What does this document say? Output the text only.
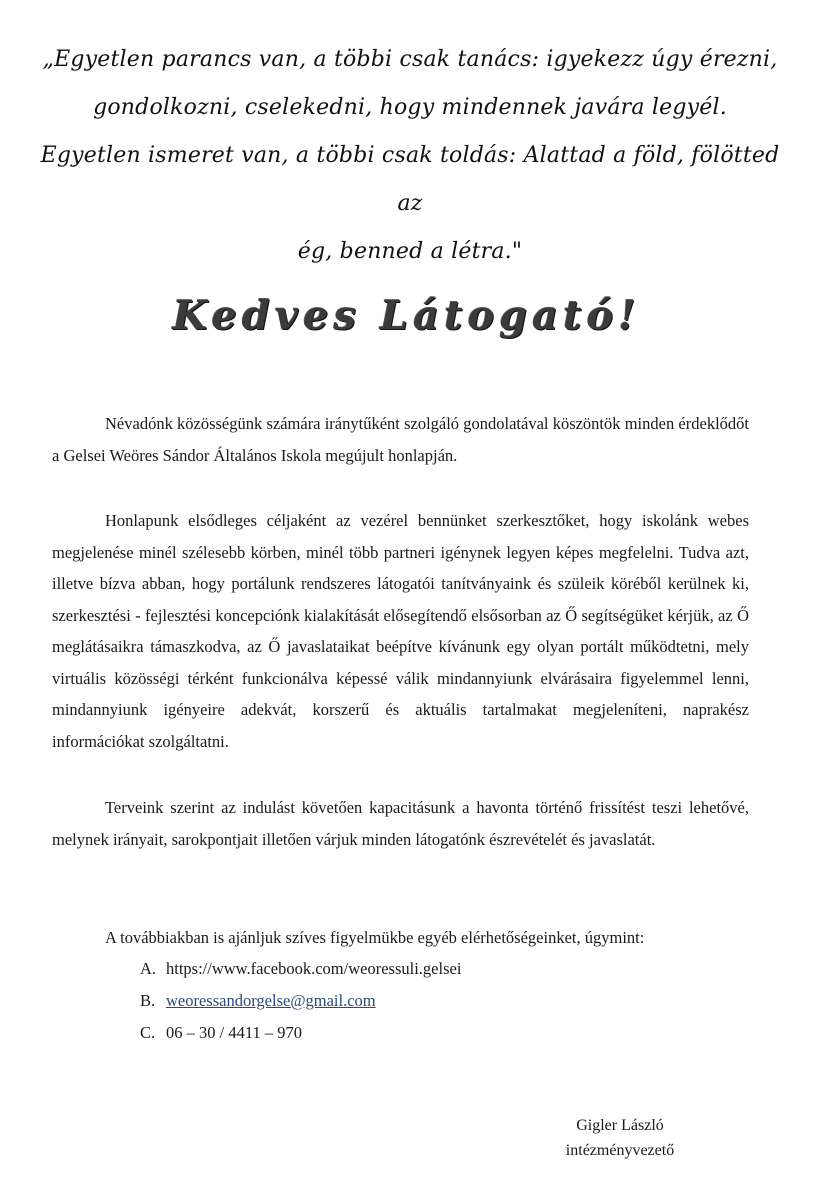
„Egyetlen parancs van, a többi csak tanács: igyekezz úgy érezni,
gondolkozni, cselekedni, hogy mindennek javára legyél.
Egyetlen ismeret van, a többi csak toldás: Alattad a föld, fölötted az
ég, benned a létra."
Kedves Látogató!

Névadónk közösségünk számára iránytűként szolgáló gondolatával köszöntök minden érdeklődőt a Gelsei Weöres Sándor Általános Iskola megújult honlapján.

Honlapunk elsődleges céljaként az vezérel bennünket szerkesztőket, hogy iskolánk webes megjelenése minél szélesebb körben, minél több partneri igénynek legyen képes megfelelni. Tudva azt, illetve bízva abban, hogy portálunk rendszeres látogatói tanítványaink és szüleik köréből kerülnek ki, szerkesztési - fejlesztési koncepciónk kialakítását elősegítendő elsősorban az Ő segítségüket kérjük, az Ő meglátásaikra támaszkodva, az Ő javaslataikat beépítve kívánunk egy olyan portált működtetni, mely virtuális közösségi térként funkcionálva képessé válik mindannyiunk elvárásaira figyelemmel lenni, mindannyiunk igényeire adekvát, korszerű és aktuális tartalmakat megjeleníteni, naprakész információkat szolgáltatni.

Terveink szerint az indulást követően kapacitásunk a havonta történő frissítést teszi lehetővé, melynek irányait, sarokpontjait illetően várjuk minden látogatónk észrevételét és javaslatát.

A továbbiakban is ajánljuk szíves figyelmükbe egyéb elérhetőségeinket, úgymint:
A. https://www.facebook.com/weoressuli.gelsei
B. weoressandorgelse@gmail.com
C. 06 – 30 / 4411 – 970
Gigler László
intézményvezető
